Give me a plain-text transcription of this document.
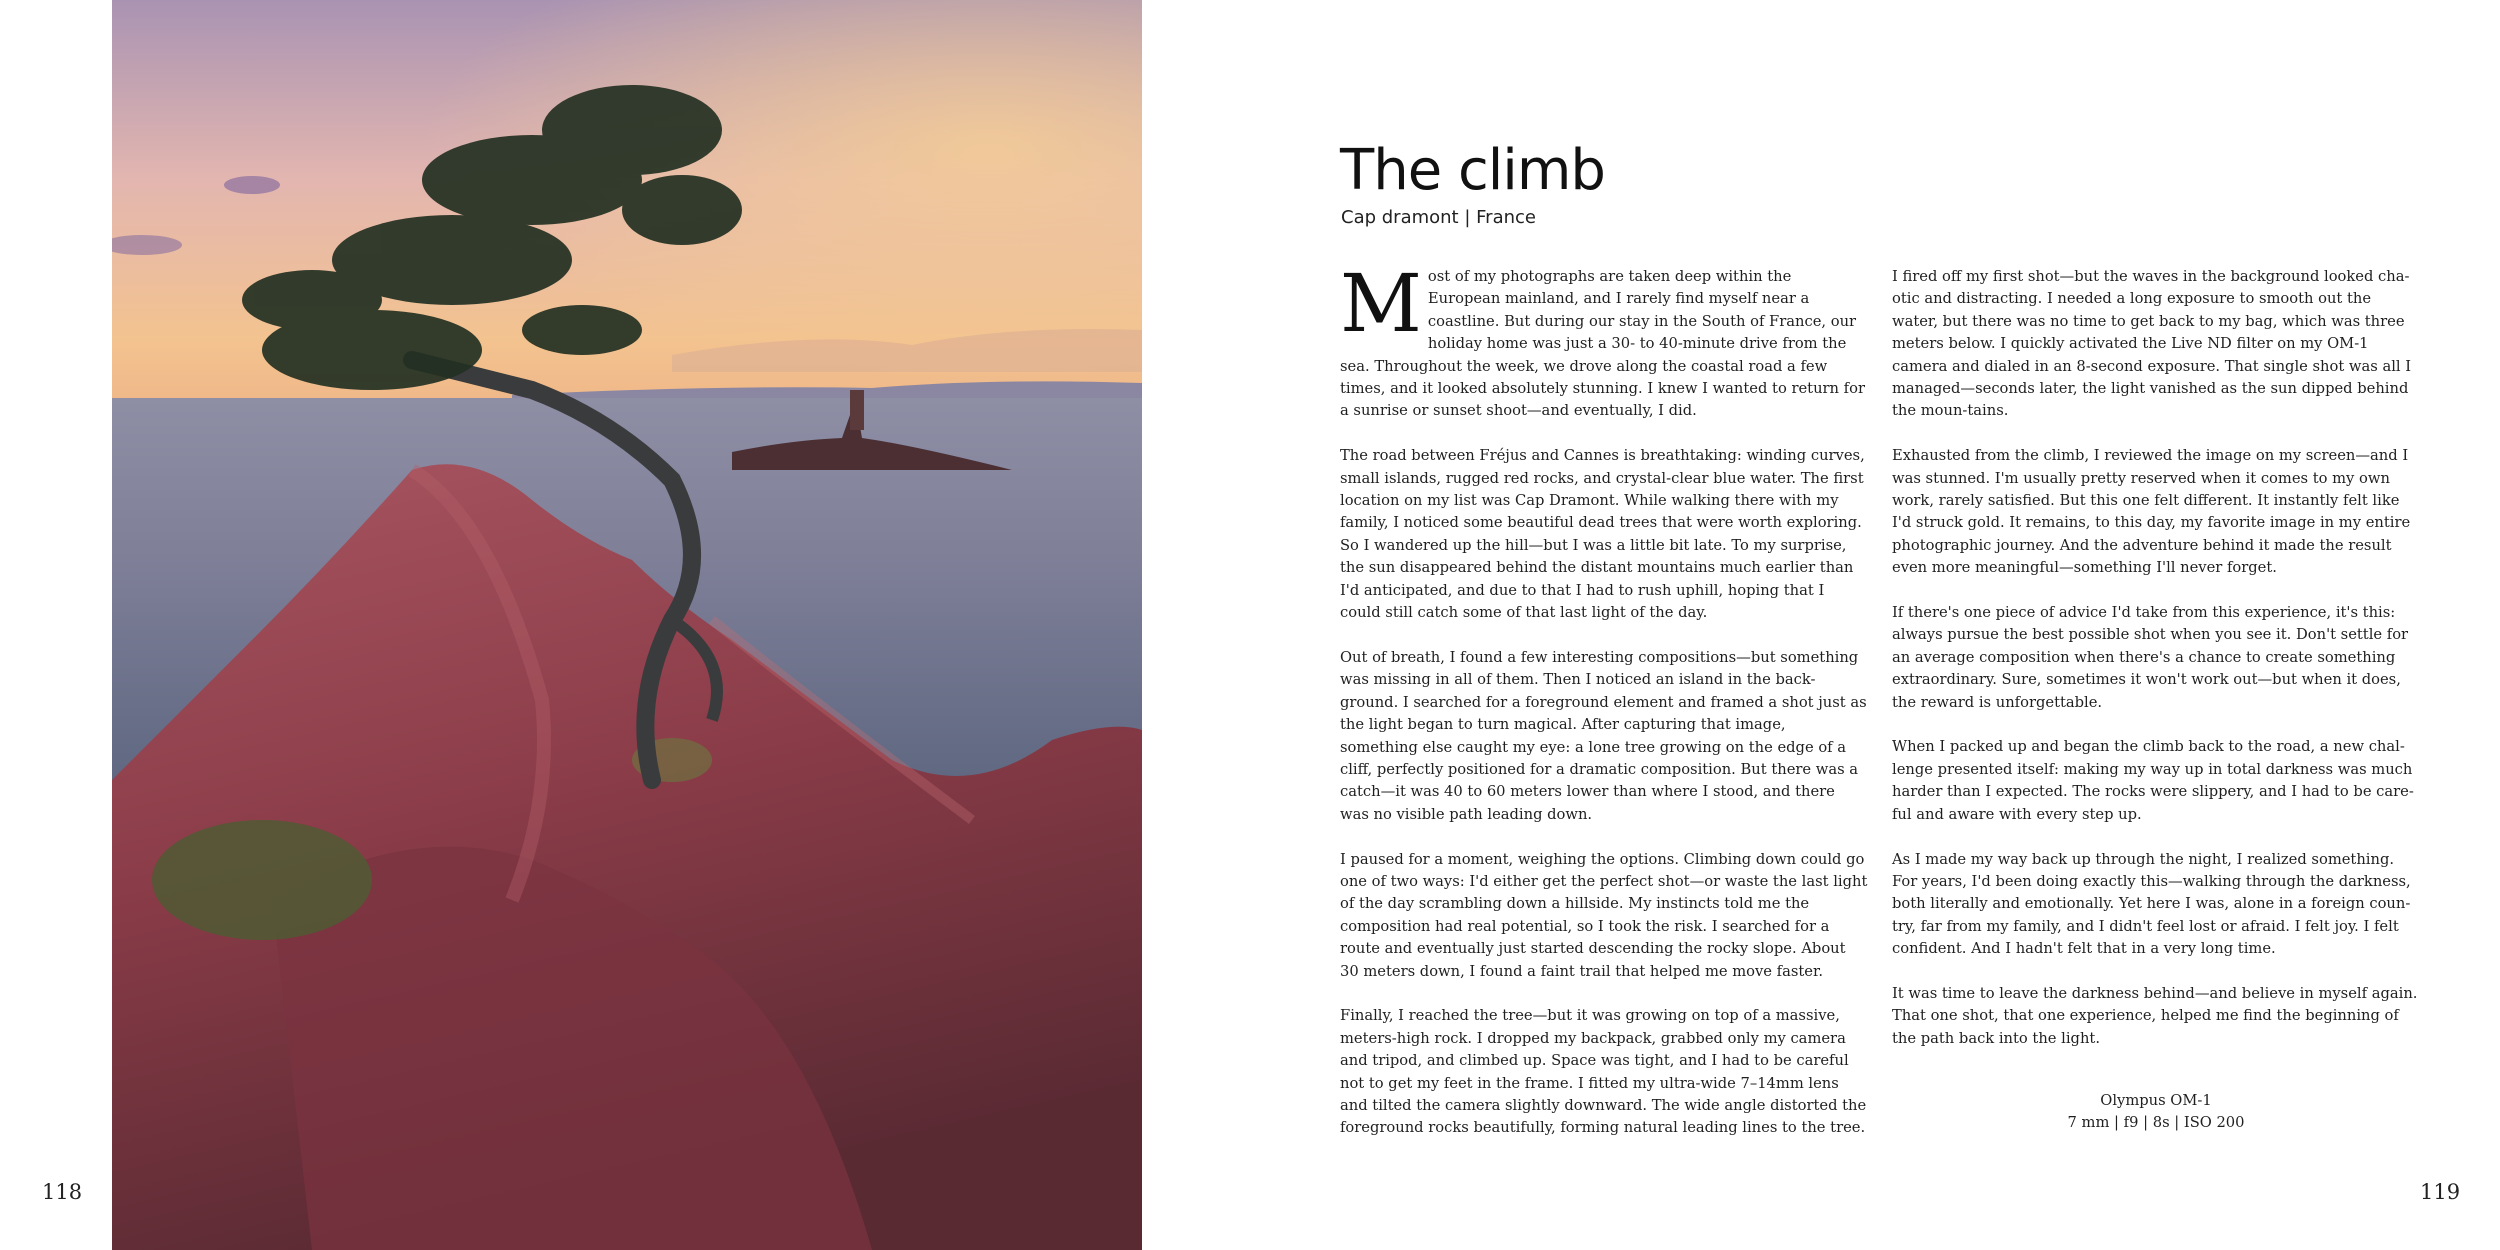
118	119
The climb
Cap dramont | France

Most of my photographs are taken deep within the European mainland, and I rarely find myself near a coastline. But during our stay in the South of France, our holiday home was just a 30- to 40-minute drive from the sea. Throughout the week, we drove along the coastal road a few times, and it looked absolutely stunning. I knew I wanted to return for a sunrise or sunset shoot—and eventually, I did.

The road between Fréjus and Cannes is breathtaking: winding curves, small islands, rugged red rocks, and crystal-clear blue water. The first location on my list was Cap Dramont. While walking there with my family, I noticed some beautiful dead trees that were worth exploring. So I wandered up the hill—but I was a little bit late. To my surprise, the sun disappeared behind the distant mountains much earlier than I'd anticipated, and due to that I had to rush uphill, hoping that I could still catch some of that last light of the day.

Out of breath, I found a few interesting compositions—but something was missing in all of them. Then I noticed an island in the back-ground. I searched for a foreground element and framed a shot just as the light began to turn magical. After capturing that image, something else caught my eye: a lone tree growing on the edge of a cliff, perfectly positioned for a dramatic composition. But there was a catch—it was 40 to 60 meters lower than where I stood, and there was no visible path leading down.

I paused for a moment, weighing the options. Climbing down could go one of two ways: I'd either get the perfect shot—or waste the last light of the day scrambling down a hillside. My instincts told me the composition had real potential, so I took the risk. I searched for a route and eventually just started descending the rocky slope. About 30 meters down, I found a faint trail that helped me move faster.

Finally, I reached the tree—but it was growing on top of a massive, meters-high rock. I dropped my backpack, grabbed only my camera and tripod, and climbed up. Space was tight, and I had to be careful not to get my feet in the frame. I fitted my ultra-wide 7–14mm lens and tilted the camera slightly downward. The wide angle distorted the foreground rocks beautifully, forming natural leading lines to the tree.

I fired off my first shot—but the waves in the background looked cha-otic and distracting. I needed a long exposure to smooth out the water, but there was no time to get back to my bag, which was three meters below. I quickly activated the Live ND filter on my OM-1 camera and dialed in an 8-second exposure. That single shot was all I managed—seconds later, the light vanished as the sun dipped behind the moun-tains.

Exhausted from the climb, I reviewed the image on my screen—and I was stunned. I'm usually pretty reserved when it comes to my own work, rarely satisfied. But this one felt different. It instantly felt like I'd struck gold. It remains, to this day, my favorite image in my entire photographic journey. And the adventure behind it made the result even more meaningful—something I'll never forget.

If there's one piece of advice I'd take from this experience, it's this: always pursue the best possible shot when you see it. Don't settle for an average composition when there's a chance to create something extraordinary. Sure, sometimes it won't work out—but when it does, the reward is unforgettable.

When I packed up and began the climb back to the road, a new chal-lenge presented itself: making my way up in total darkness was much harder than I expected. The rocks were slippery, and I had to be care-ful and aware with every step up.

As I made my way back up through the night, I realized something. For years, I'd been doing exactly this—walking through the darkness, both literally and emotionally. Yet here I was, alone in a foreign coun-try, far from my family, and I didn't feel lost or afraid. I felt joy. I felt confident. And I hadn't felt that in a very long time.

It was time to leave the darkness behind—and believe in myself again. That one shot, that one experience, helped me find the beginning of the path back into the light.

Olympus OM-1
7 mm | f9 | 8s | ISO 200
